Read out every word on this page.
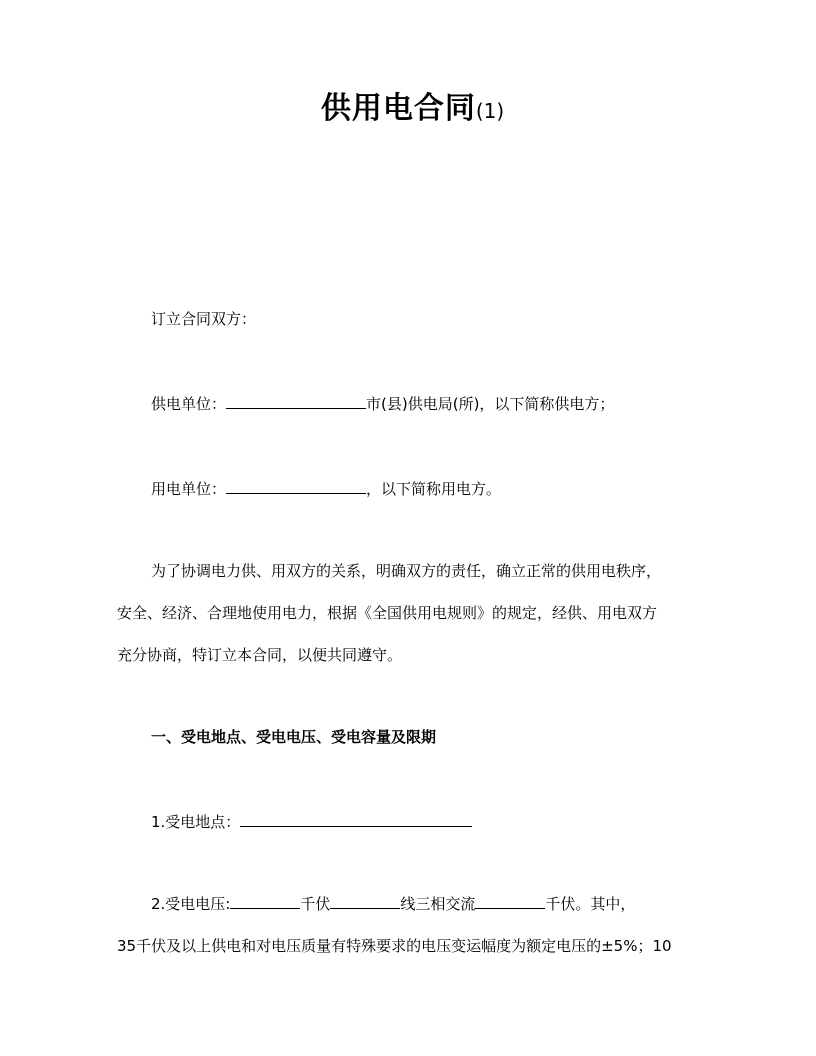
供用电合同(1)
订立合同双方：
供电单位：	市(县)供电局(所)，以下简称供电方；
用电单位：	，以下简称用电方。
为了协调电力供、用双方的关系，明确双方的责任，确立正常的供用电秩序，
安全、经济、合理地使用电力，根据《全国供用电规则》的规定，经供、用电双方
充分协商，特订立本合同，以便共同遵守。
一、受电地点、受电电压、受电容量及限期
1.受电地点：
2.受电电压:	千伏	线三相交流	千伏。其中，
35千伏及以上供电和对电压质量有特殊要求的电压变运幅度为额定电压的±5%；10
